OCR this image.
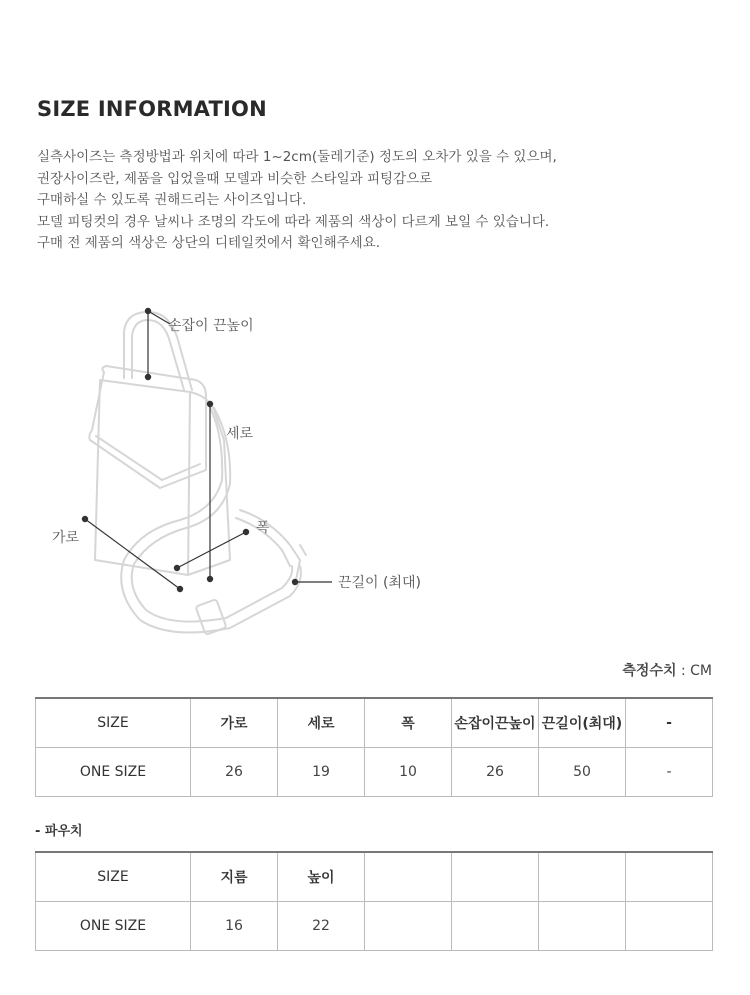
SIZE INFORMATION
실측사이즈는 측정방법과 위치에 따라 1~2cm(둘레기준) 정도의 오차가 있을 수 있으며,
권장사이즈란, 제품을 입었을때 모델과 비슷한 스타일과 피팅감으로
구매하실 수 있도록 권해드리는 사이즈입니다.
모델 피팅컷의 경우 날씨나 조명의 각도에 따라 제품의 색상이 다르게 보일 수 있습니다.
구매 전 제품의 색상은 상단의 디테일컷에서 확인해주세요.
손잡이 끈높이
세로
가로
폭
끈길이 (최대)
측정수치 : CM
SIZE	가로	세로	폭	손잡이끈높이	끈길이(최대)	-
ONE SIZE	26	19	10	26	50	-
- 파우치
SIZE	지름	높이				
ONE SIZE	16	22				
